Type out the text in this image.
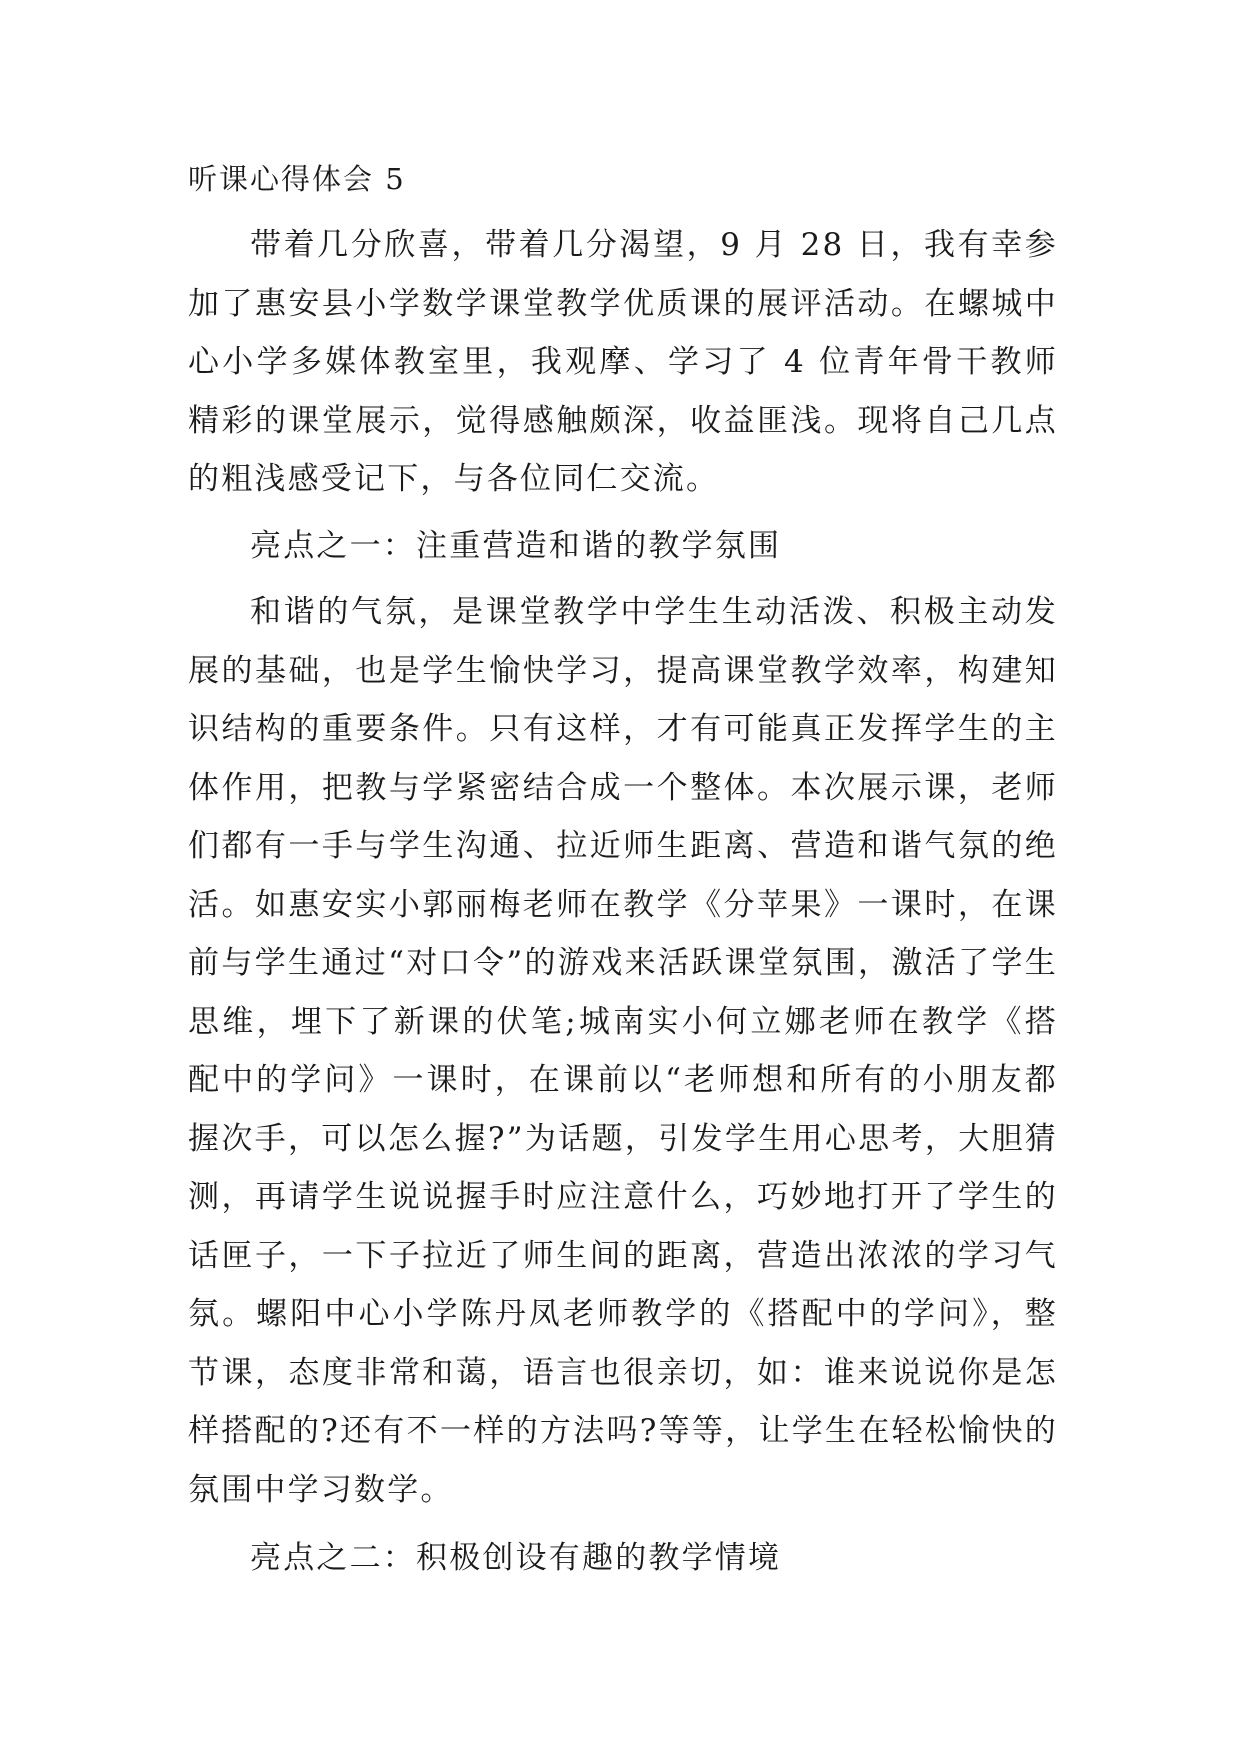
听课心得体会 5

带着几分欣喜，带着几分渴望，9 月 28 日，我有幸参加了惠安县小学数学课堂教学优质课的展评活动。在螺城中心小学多媒体教室里，我观摩、学习了 4 位青年骨干教师精彩的课堂展示，觉得感触颇深，收益匪浅。现将自己几点的粗浅感受记下，与各位同仁交流。

亮点之一：注重营造和谐的教学氛围

和谐的气氛，是课堂教学中学生生动活泼、积极主动发展的基础，也是学生愉快学习，提高课堂教学效率，构建知识结构的重要条件。只有这样，才有可能真正发挥学生的主体作用，把教与学紧密结合成一个整体。本次展示课，老师们都有一手与学生沟通、拉近师生距离、营造和谐气氛的绝活。如惠安实小郭丽梅老师在教学《分苹果》一课时，在课前与学生通过“对口令”的游戏来活跃课堂氛围，激活了学生思维，埋下了新课的伏笔;城南实小何立娜老师在教学《搭配中的学问》一课时，在课前以“老师想和所有的小朋友都握次手，可以怎么握?”为话题，引发学生用心思考，大胆猜测，再请学生说说握手时应注意什么，巧妙地打开了学生的话匣子，一下子拉近了师生间的距离，营造出浓浓的学习气氛。螺阳中心小学陈丹凤老师教学的《搭配中的学问》，整节课，态度非常和蔼，语言也很亲切，如：谁来说说你是怎样搭配的?还有不一样的方法吗?等等，让学生在轻松愉快的氛围中学习数学。

亮点之二：积极创设有趣的教学情境
